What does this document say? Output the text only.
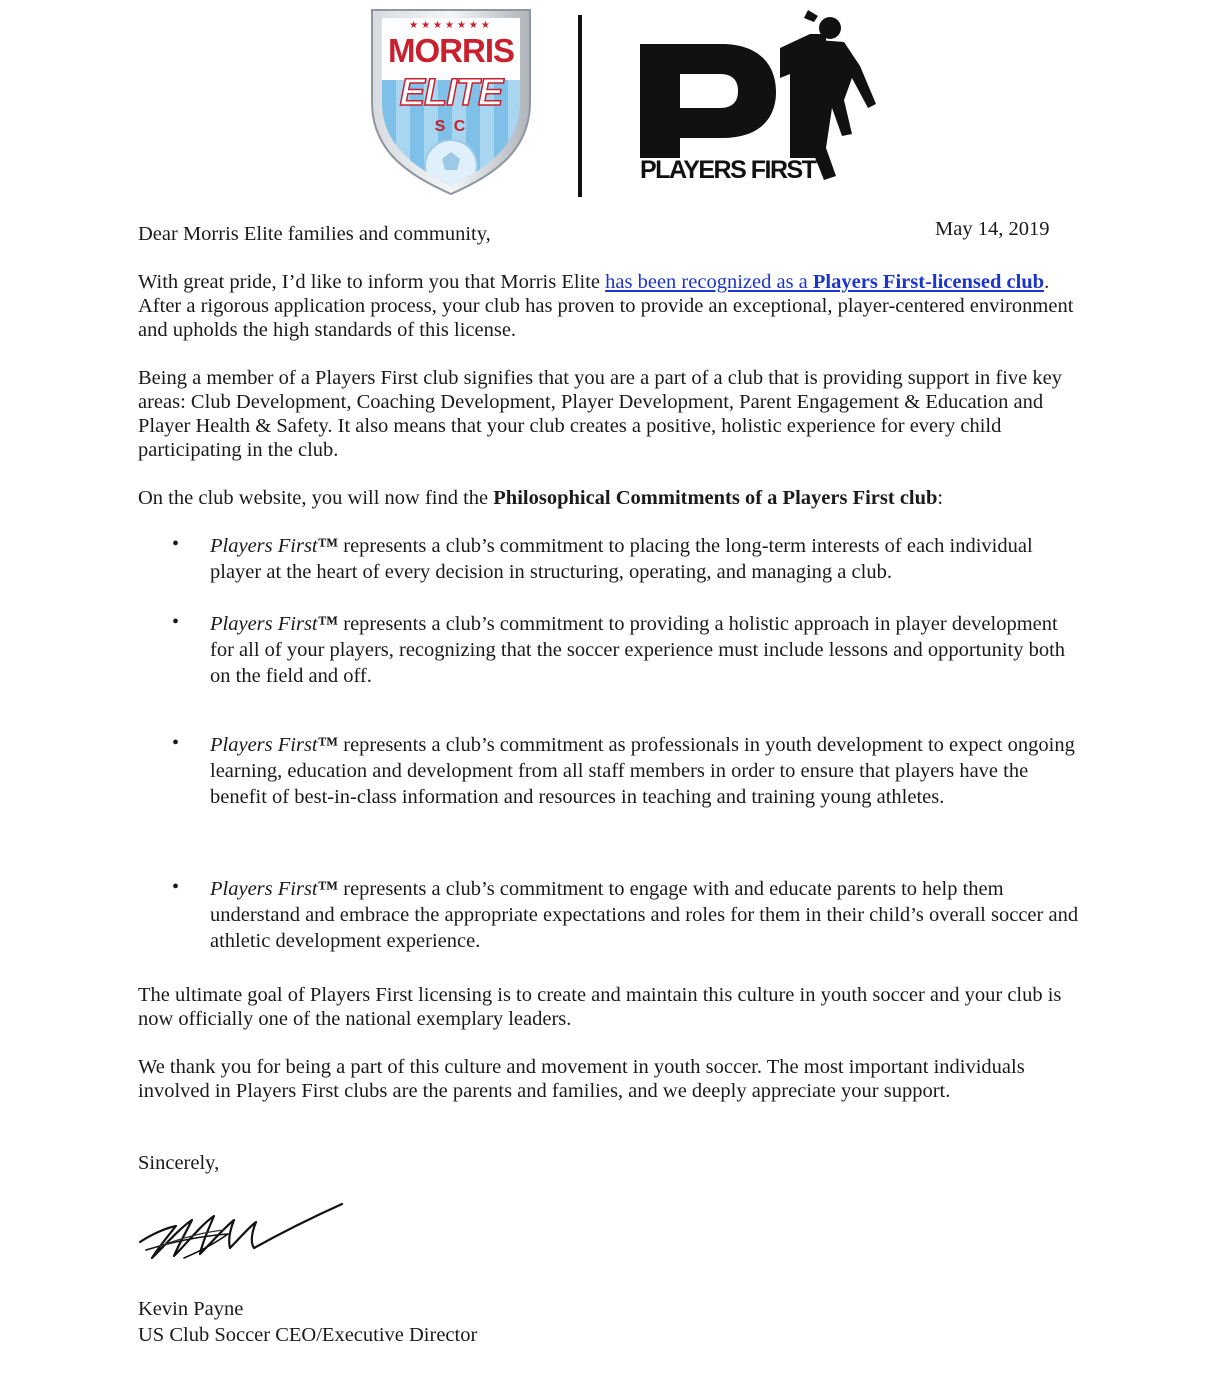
★★★★★★★
MORRIS
ELITE
S C
PLAYERS FIRST

Dear Morris Elite families and community,	May 14, 2019

With great pride, I’d like to inform you that Morris Elite has been recognized as a Players First-licensed club. After a rigorous application process, your club has proven to provide an exceptional, player-centered environment and upholds the high standards of this license.

Being a member of a Players First club signifies that you are a part of a club that is providing support in five key areas: Club Development, Coaching Development, Player Development, Parent Engagement & Education and Player Health & Safety. It also means that your club creates a positive, holistic experience for every child participating in the club.

On the club website, you will now find the Philosophical Commitments of a Players First club:

• Players First™ represents a club’s commitment to placing the long-term interests of each individual player at the heart of every decision in structuring, operating, and managing a club.

• Players First™ represents a club’s commitment to providing a holistic approach in player development for all of your players, recognizing that the soccer experience must include lessons and opportunity both on the field and off.

• Players First™ represents a club’s commitment as professionals in youth development to expect ongoing learning, education and development from all staff members in order to ensure that players have the benefit of best-in-class information and resources in teaching and training young athletes.

• Players First™ represents a club’s commitment to engage with and educate parents to help them understand and embrace the appropriate expectations and roles for them in their child’s overall soccer and athletic development experience.

The ultimate goal of Players First licensing is to create and maintain this culture in youth soccer and your club is now officially one of the national exemplary leaders.

We thank you for being a part of this culture and movement in youth soccer. The most important individuals involved in Players First clubs are the parents and families, and we deeply appreciate your support.

Sincerely,

Kevin Payne

US Club Soccer CEO/Executive Director
